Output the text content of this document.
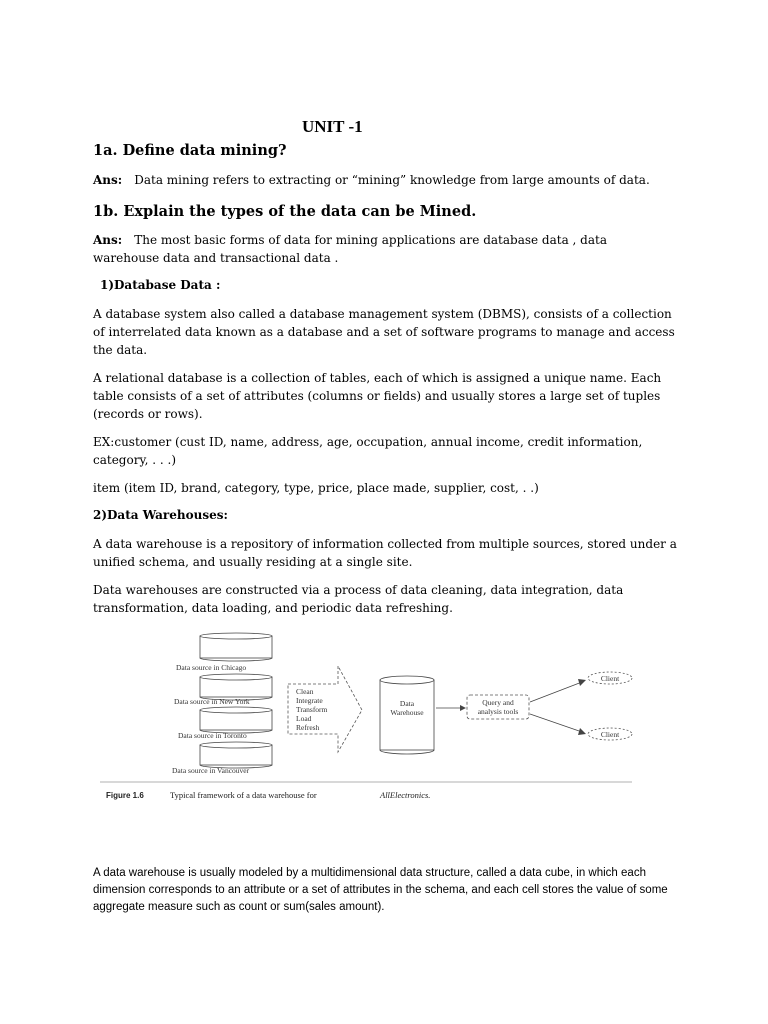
UNIT -1
1a. Define data mining?
Ans: Data mining refers to extracting or “mining” knowledge from large amounts of data.
1b. Explain the types of the data can be Mined.
Ans: The most basic forms of data for mining applications are database data , data warehouse data and transactional data .
1)Database Data :
A database system also called a database management system (DBMS), consists of a collection of interrelated data known as a database and a set of software programs to manage and access the data.
A relational database is a collection of tables, each of which is assigned a unique name. Each table consists of a set of attributes (columns or fields) and usually stores a large set of tuples (records or rows).
EX:customer (cust ID, name, address, age, occupation, annual income, credit information, category, . . .)
item (item ID, brand, category, type, price, place made, supplier, cost, . .)
2)Data Warehouses:
A data warehouse is a repository of information collected from multiple sources, stored under a unified schema, and usually residing at a single site.
Data warehouses are constructed via a process of data cleaning, data integration, data transformation, data loading, and periodic data refreshing.
Data source in Chicago
Data source in New York
Data source in Toronto
Data source in Vancouver
Clean
Integrate
Transform
Load
Refresh
Data
Warehouse
Query and
analysis tools
Client
Client
Figure 1.6	Typical framework of a data warehouse for	AllElectronics.
A data warehouse is usually modeled by a multidimensional data structure, called a data cube, in which each dimension corresponds to an attribute or a set of attributes in the schema, and each cell stores the value of some aggregate measure such as count or sum(sales amount).
